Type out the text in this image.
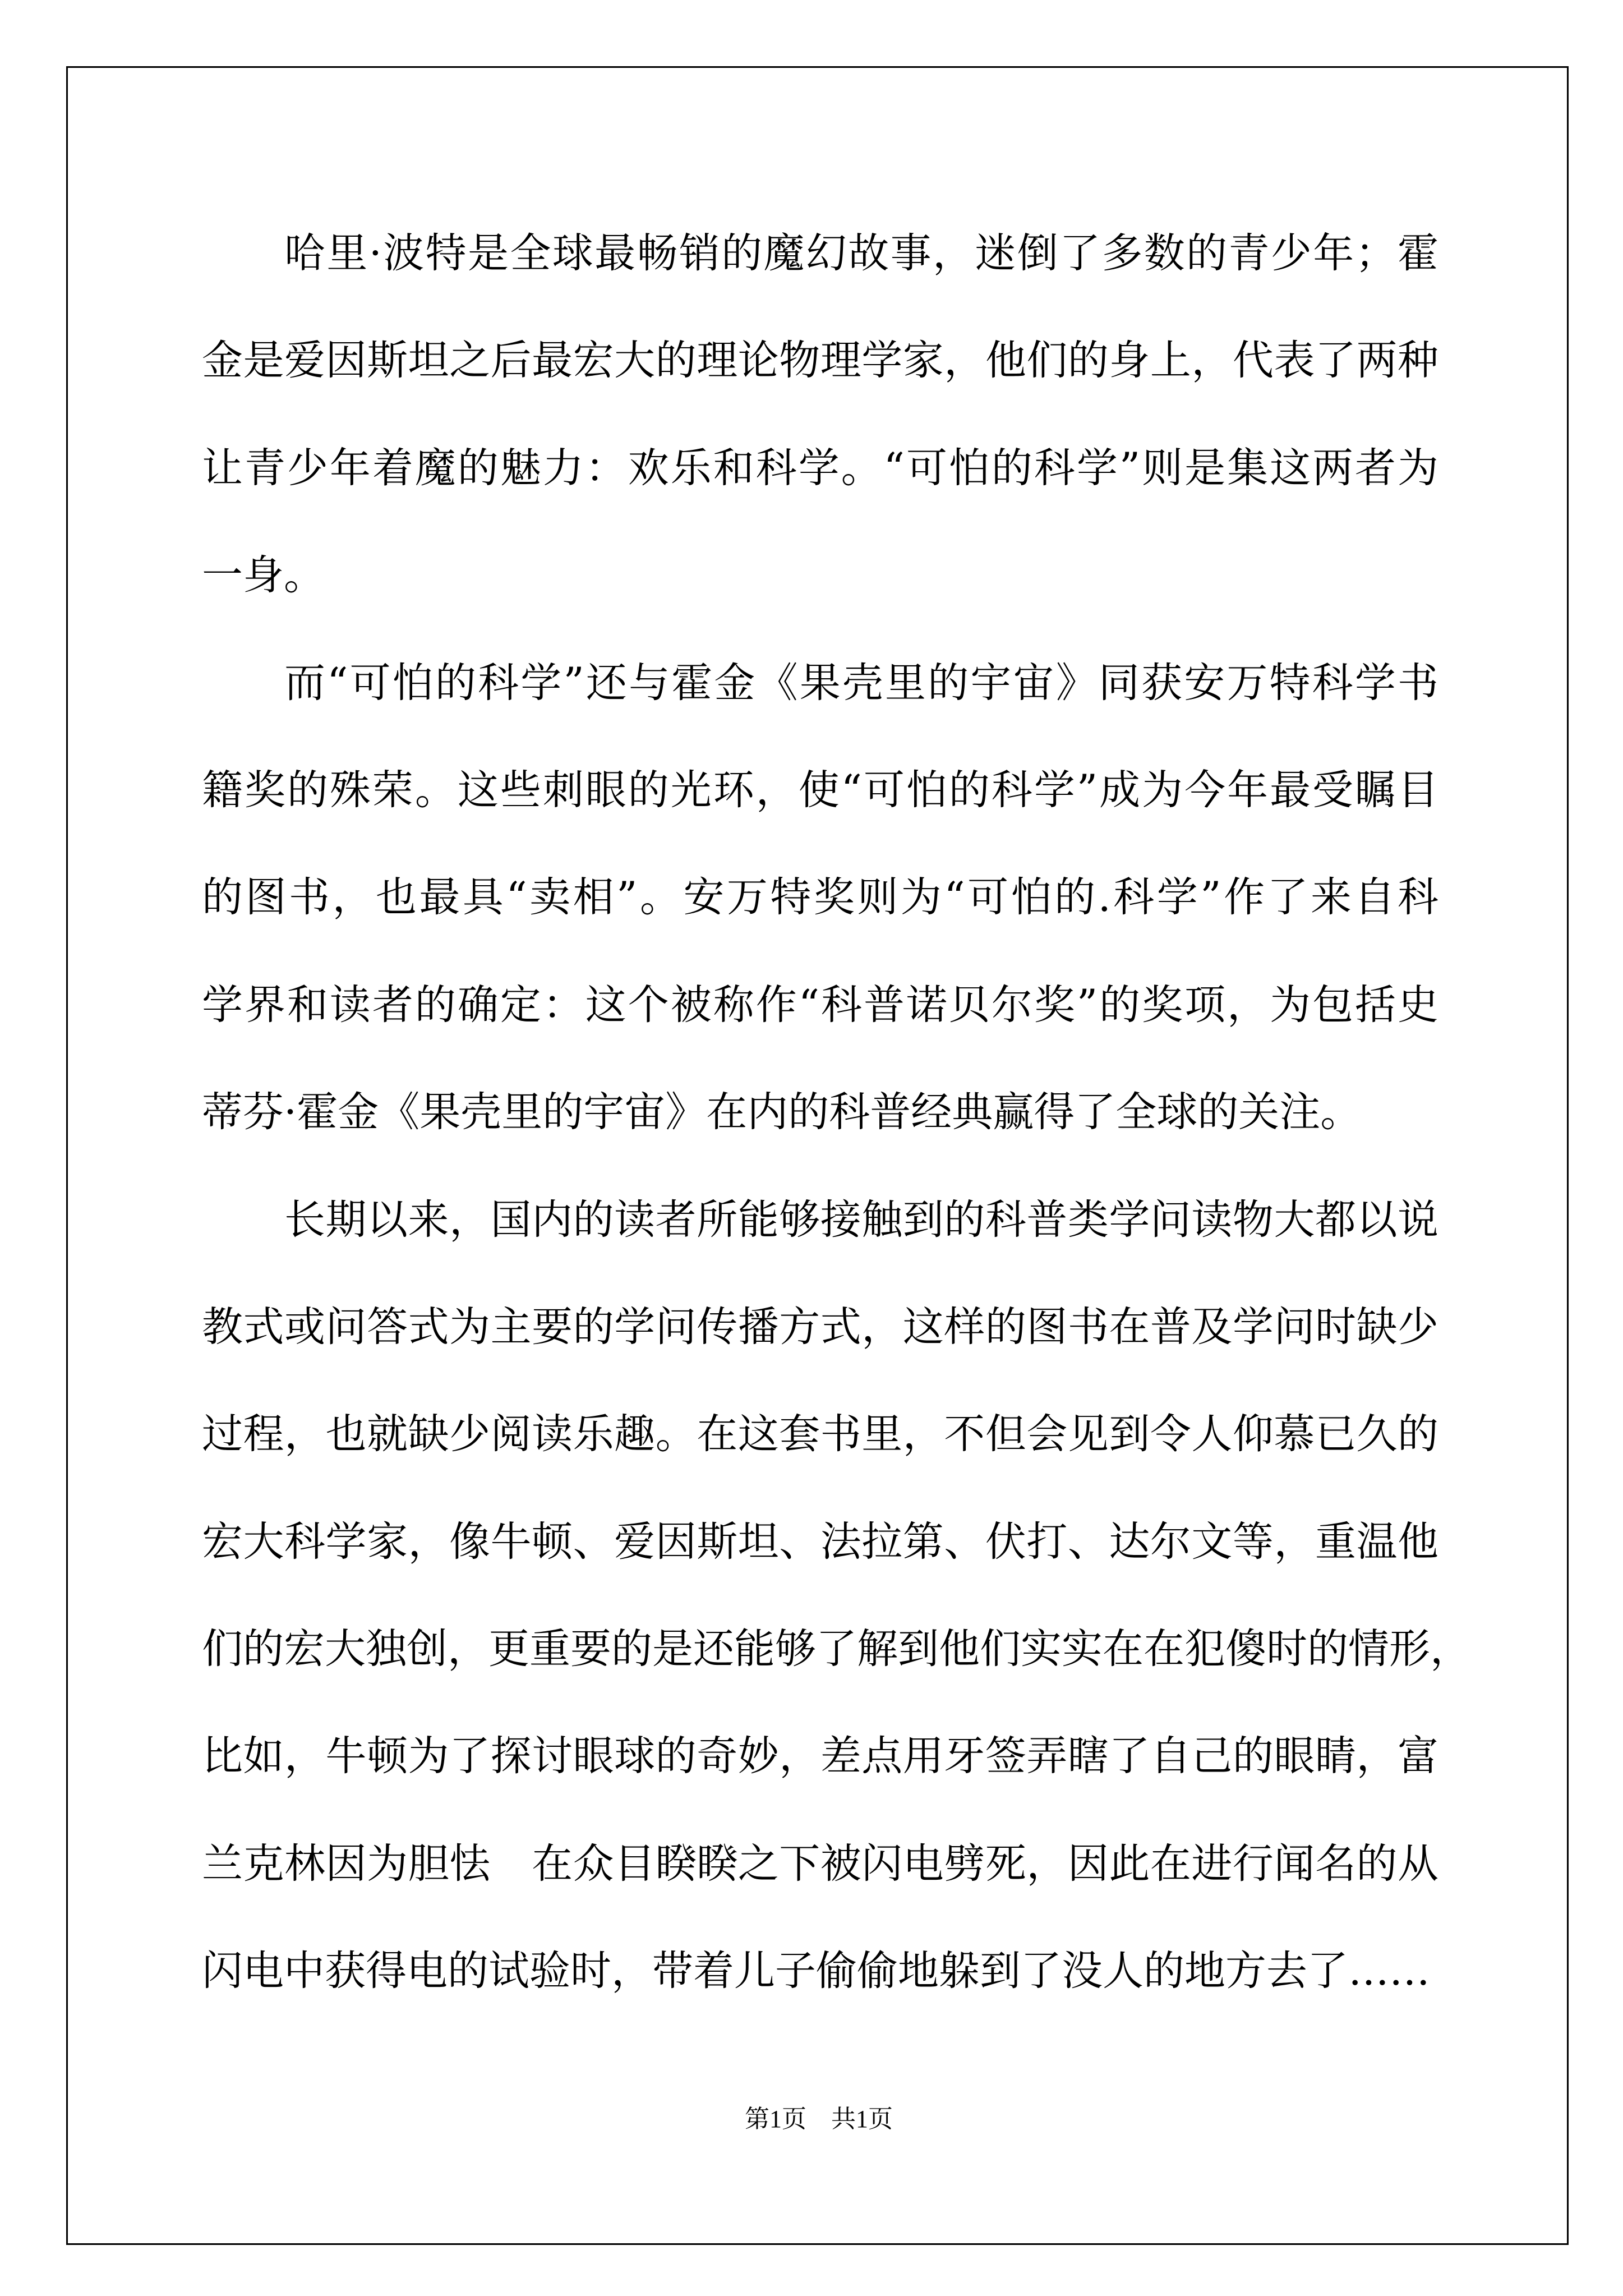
哈里·波特是全球最畅销的魔幻故事，迷倒了多数的青少年；霍
金是爱因斯坦之后最宏大的理论物理学家，他们的身上，代表了两种
让青少年着魔的魅力：欢乐和科学。“可怕的科学”则是集这两者为
一身。
而“可怕的科学”还与霍金《果壳里的宇宙》同获安万特科学书
籍奖的殊荣。这些刺眼的光环，使“可怕的科学”成为今年最受瞩目
的图书，也最具“卖相”。安万特奖则为“可怕的.科学”作了来自科
学界和读者的确定：这个被称作“科普诺贝尔奖”的奖项，为包括史
蒂芬·霍金《果壳里的宇宙》在内的科普经典赢得了全球的关注。
长期以来，国内的读者所能够接触到的科普类学问读物大都以说
教式或问答式为主要的学问传播方式，这样的图书在普及学问时缺少
过程，也就缺少阅读乐趣。在这套书里，不但会见到令人仰慕已久的
宏大科学家，像牛顿、爱因斯坦、法拉第、伏打、达尔文等，重温他
们的宏大独创，更重要的是还能够了解到他们实实在在犯傻时的情形，
比如，牛顿为了探讨眼球的奇妙，差点用牙签弄瞎了自己的眼睛，富
兰克林因为胆怯　在众目睽睽之下被闪电劈死，因此在进行闻名的从
闪电中获得电的试验时，带着儿子偷偷地躲到了没人的地方去了……
第1页　共1页
